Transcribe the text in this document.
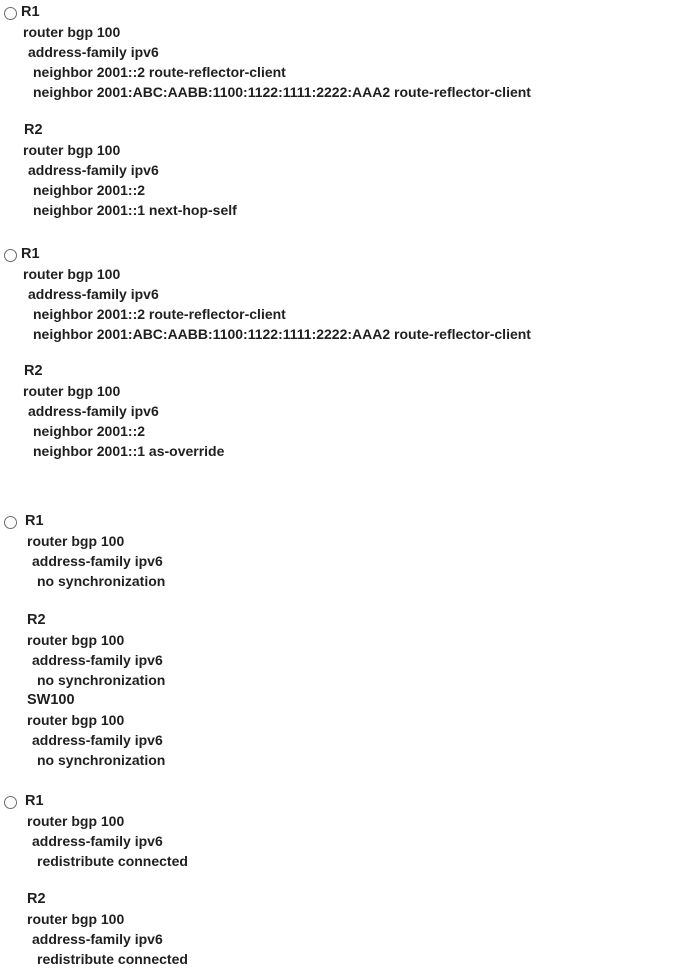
R1
router bgp 100
address-family ipv6
neighbor 2001::2 route-reflector-client
neighbor 2001:ABC:AABB:1100:1122:1111:2222:AAA2 route-reflector-client
R2
router bgp 100
address-family ipv6
neighbor 2001::2
neighbor 2001::1 next-hop-self
R1
router bgp 100
address-family ipv6
neighbor 2001::2 route-reflector-client
neighbor 2001:ABC:AABB:1100:1122:1111:2222:AAA2 route-reflector-client
R2
router bgp 100
address-family ipv6
neighbor 2001::2
neighbor 2001::1 as-override
R1
router bgp 100
address-family ipv6
no synchronization
R2
router bgp 100
address-family ipv6
no synchronization
SW100
router bgp 100
address-family ipv6
no synchronization
R1
router bgp 100
address-family ipv6
redistribute connected
R2
router bgp 100
address-family ipv6
redistribute connected
